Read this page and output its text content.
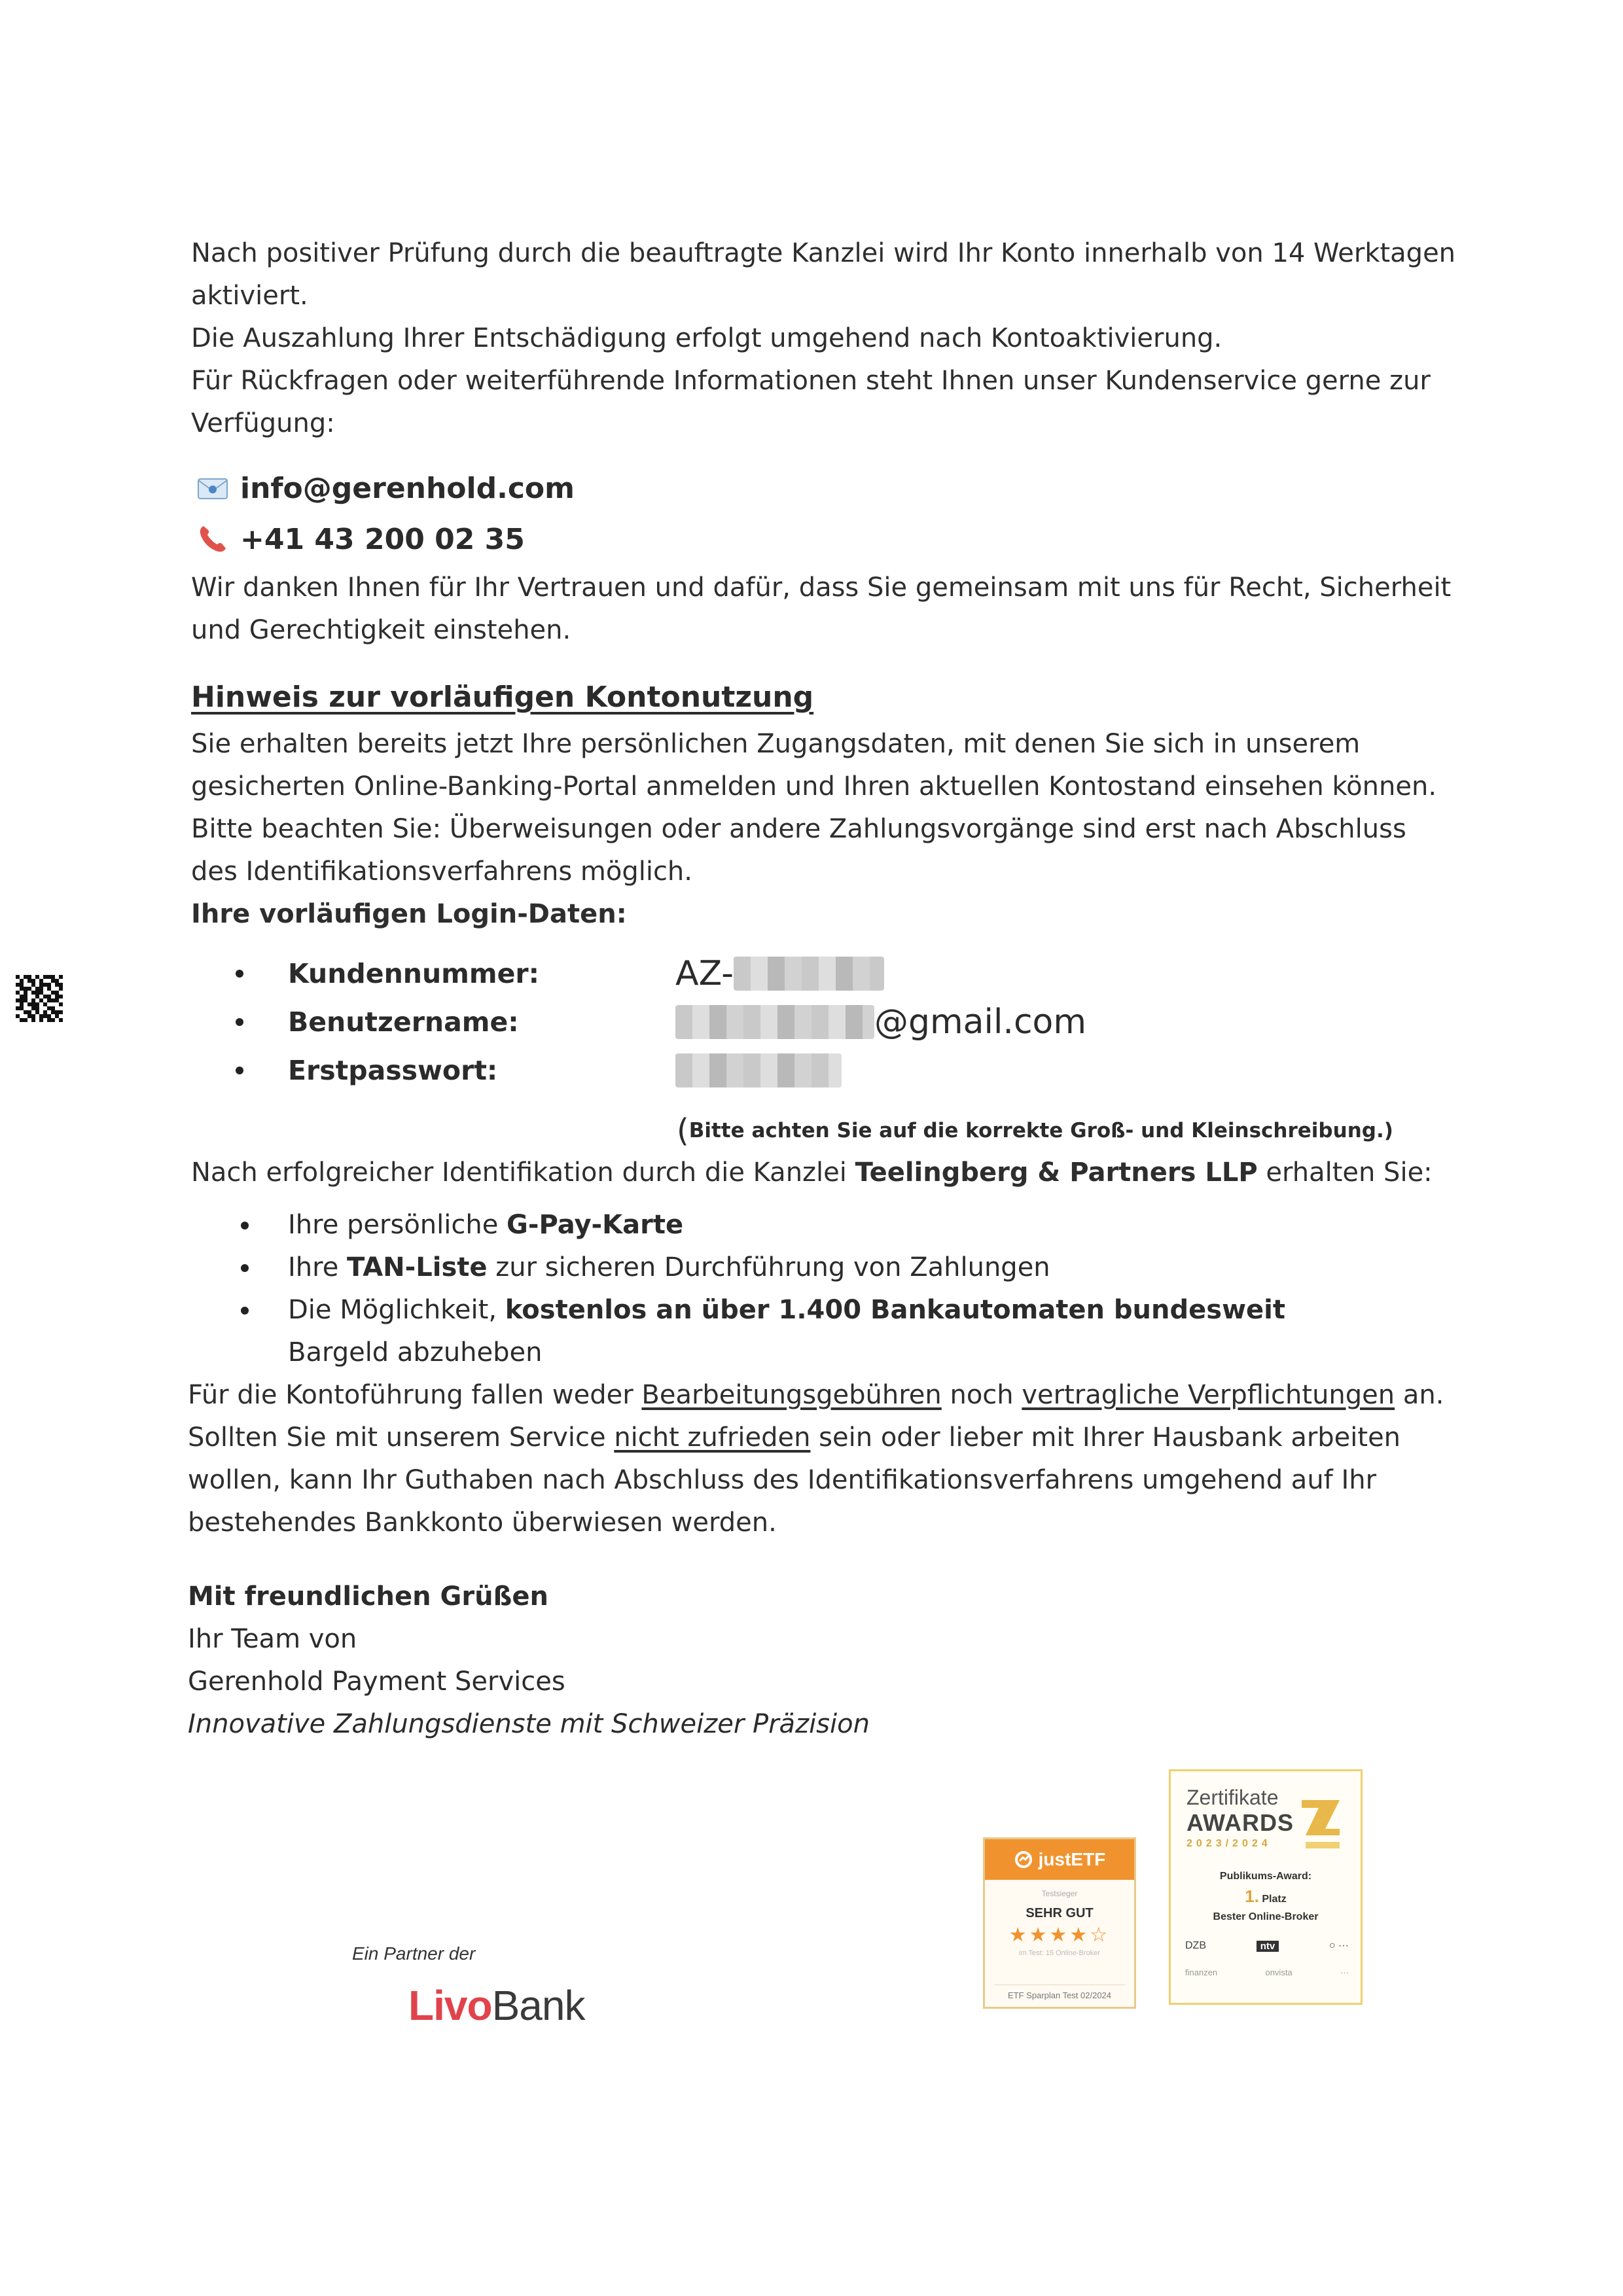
Nach positiver Prüfung durch die beauftragte Kanzlei wird Ihr Konto innerhalb von 14 Werktagen aktiviert.

Die Auszahlung Ihrer Entschädigung erfolgt umgehend nach Kontoaktivierung.

Für Rückfragen oder weiterführende Informationen steht Ihnen unser Kundenservice gerne zur Verfügung:

info@gerenhold.com
+41 43 200 02 35

Wir danken Ihnen für Ihr Vertrauen und dafür, dass Sie gemeinsam mit uns für Recht, Sicherheit und Gerechtigkeit einstehen.

Hinweis zur vorläufigen Kontonutzung

Sie erhalten bereits jetzt Ihre persönlichen Zugangsdaten, mit denen Sie sich in unserem gesicherten Online-Banking-Portal anmelden und Ihren aktuellen Kontostand einsehen können.

Bitte beachten Sie: Überweisungen oder andere Zahlungsvorgänge sind erst nach Abschluss des Identifikationsverfahrens möglich.

Ihre vorläufigen Login-Daten:

Kundennummer:	AZ-
Benutzername:	@gmail.com
Erstpasswort:
(Bitte achten Sie auf die korrekte Groß- und Kleinschreibung.)

Nach erfolgreicher Identifikation durch die Kanzlei Teelingberg & Partners LLP erhalten Sie:

Ihre persönliche G-Pay-Karte
Ihre TAN-Liste zur sicheren Durchführung von Zahlungen
Die Möglichkeit, kostenlos an über 1.400 Bankautomaten bundesweit Bargeld abzuheben

Für die Kontoführung fallen weder Bearbeitungsgebühren noch vertragliche Verpflichtungen an. Sollten Sie mit unserem Service nicht zufrieden sein oder lieber mit Ihrer Hausbank arbeiten wollen, kann Ihr Guthaben nach Abschluss des Identifikationsverfahrens umgehend auf Ihr bestehendes Bankkonto überwiesen werden.

Mit freundlichen Grüßen
Ihr Team von
Gerenhold Payment Services
Innovative Zahlungsdienste mit Schweizer Präzision
Ein Partner der
LivoBank
justETF
Testsieger
SEHR GUT
★★★★☆
im Test: 15 Online-Broker
ETF Sparplan Test 02/2024
Zertifikate
AWARDS
2023/2024
Publikums-Award:
1. Platz
Bester Online-Broker
DZB	ntv	○ ···
finanzen	onvista	···
